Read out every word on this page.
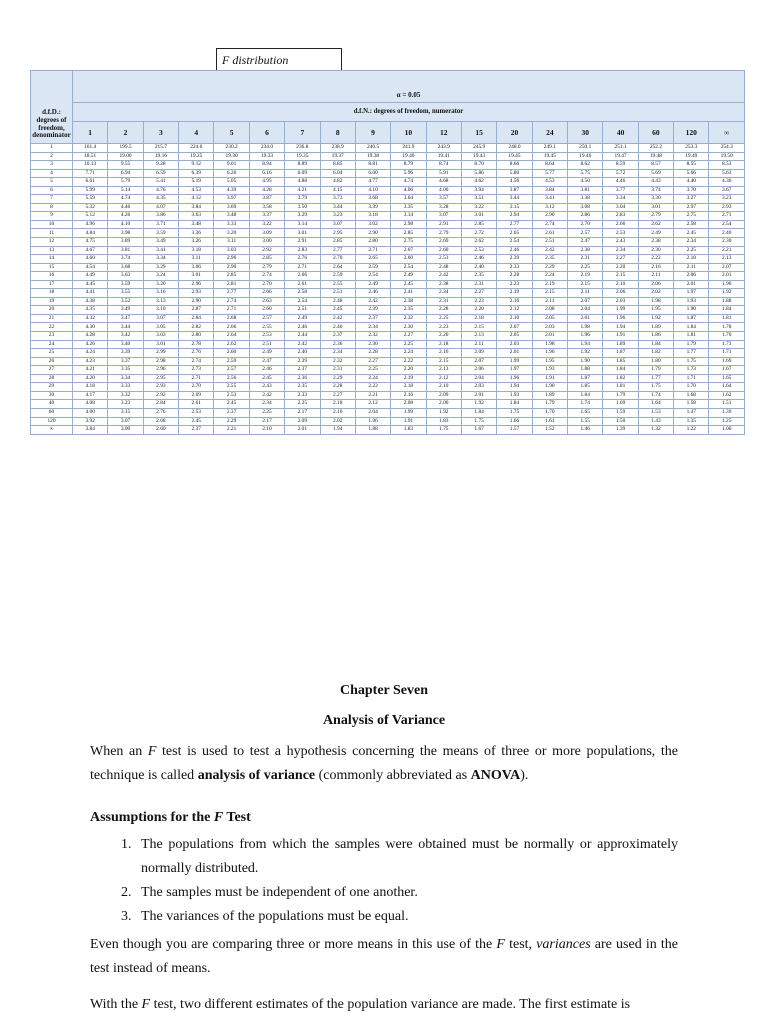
F distribution
d.f.D.: degrees of freedom, denominator	α = 0.05																		
	d.f.N.: degrees of freedom, numerator																		
	1	2	3	4	5	6	7	8	9	10	12	15	20	24	30	40	60	120	∞
1	161.4	199.5	215.7	224.6	230.2	234.0	236.8	238.9	240.5	241.9	243.9	245.9	248.0	249.1	250.1	251.1	252.2	253.3	254.3
2	18.51	19.00	19.16	19.25	19.30	19.33	19.35	19.37	19.38	19.40	19.41	19.43	19.45	19.45	19.46	19.47	19.48	19.49	19.50
3	10.13	9.55	9.28	9.12	9.01	8.94	8.89	8.85	8.81	8.79	8.74	8.70	8.66	8.64	8.62	8.59	8.57	8.55	8.53
4	7.71	6.94	6.59	6.39	6.26	6.16	6.09	6.04	6.00	5.96	5.91	5.86	5.80	5.77	5.75	5.72	5.69	5.66	5.63
5	6.61	5.79	5.41	5.19	5.05	4.95	4.88	4.82	4.77	4.74	4.68	4.62	4.56	4.53	4.50	4.46	4.43	4.40	4.36
6	5.99	5.14	4.76	4.53	4.39	4.28	4.21	4.15	4.10	4.06	4.00	3.94	3.87	3.84	3.81	3.77	3.74	3.70	3.67
7	5.59	4.74	4.35	4.12	3.97	3.87	3.79	3.73	3.68	3.64	3.57	3.51	3.44	3.41	3.38	3.34	3.30	3.27	3.23
8	5.32	4.46	4.07	3.84	3.69	3.58	3.50	3.44	3.39	3.35	3.28	3.22	3.15	3.12	3.08	3.04	3.01	2.97	2.93
9	5.12	4.26	3.86	3.63	3.48	3.37	3.29	3.23	3.18	3.14	3.07	3.01	2.94	2.90	2.86	2.83	2.79	2.75	2.71
10	4.96	4.10	3.71	3.48	3.33	3.22	3.14	3.07	3.02	2.98	2.91	2.85	2.77	2.74	2.70	2.66	2.62	2.58	2.54
11	4.84	3.98	3.59	3.36	3.20	3.09	3.01	2.95	2.90	2.85	2.79	2.72	2.65	2.61	2.57	2.53	2.49	2.45	2.40
12	4.75	3.89	3.49	3.26	3.11	3.00	2.91	2.85	2.80	2.75	2.69	2.62	2.54	2.51	2.47	2.43	2.38	2.34	2.30
13	4.67	3.81	3.41	3.18	3.03	2.92	2.83	2.77	2.71	2.67	2.60	2.53	2.46	2.42	2.38	2.34	2.30	2.25	2.21
14	4.60	3.74	3.34	3.11	2.96	2.85	2.76	2.70	2.65	2.60	2.53	2.46	2.39	2.35	2.31	2.27	2.22	2.18	2.13
15	4.54	3.68	3.29	3.06	2.90	2.79	2.71	2.64	2.59	2.54	2.48	2.40	2.33	2.29	2.25	2.20	2.16	2.11	2.07
16	4.49	3.63	3.24	3.01	2.85	2.74	2.66	2.59	2.54	2.49	2.42	2.35	2.28	2.24	2.19	2.15	2.11	2.06	2.01
17	4.45	3.59	3.20	2.96	2.81	2.70	2.61	2.55	2.49	2.45	2.38	2.31	2.23	2.19	2.15	2.10	2.06	2.01	1.96
18	4.41	3.55	3.16	2.93	2.77	2.66	2.58	2.51	2.46	2.41	2.34	2.27	2.19	2.15	2.11	2.06	2.02	1.97	1.92
19	4.38	3.52	3.13	2.90	2.74	2.63	2.54	2.48	2.42	2.38	2.31	2.23	2.16	2.11	2.07	2.03	1.98	1.93	1.88
20	4.35	3.49	3.10	2.87	2.71	2.60	2.51	2.45	2.39	2.35	2.28	2.20	2.12	2.08	2.04	1.99	1.95	1.90	1.84
21	4.32	3.47	3.07	2.84	2.68	2.57	2.49	2.42	2.37	2.32	2.25	2.18	2.10	2.05	2.01	1.96	1.92	1.87	1.81
22	4.30	3.44	3.05	2.82	2.66	2.55	2.46	2.40	2.34	2.30	2.23	2.15	2.07	2.03	1.98	1.94	1.89	1.84	1.78
23	4.28	3.42	3.03	2.80	2.64	2.53	2.44	2.37	2.32	2.27	2.20	2.13	2.05	2.01	1.96	1.91	1.86	1.81	1.76
24	4.26	3.40	3.01	2.78	2.62	2.51	2.42	2.36	2.30	2.25	2.18	2.11	2.03	1.98	1.94	1.89	1.84	1.79	1.73
25	4.24	3.39	2.99	2.76	2.60	2.49	2.40	2.34	2.28	2.24	2.16	2.09	2.01	1.96	1.92	1.87	1.82	1.77	1.71
26	4.23	3.37	2.98	2.74	2.59	2.47	2.39	2.32	2.27	2.22	2.15	2.07	1.99	1.95	1.90	1.85	1.80	1.75	1.69
27	4.21	3.35	2.96	2.73	2.57	2.46	2.37	2.31	2.25	2.20	2.13	2.06	1.97	1.93	1.88	1.84	1.79	1.73	1.67
28	4.20	3.34	2.95	2.71	2.56	2.45	2.36	2.29	2.24	2.19	2.12	2.04	1.96	1.91	1.87	1.82	1.77	1.71	1.65
29	4.18	3.33	2.93	2.70	2.55	2.43	2.35	2.28	2.22	2.18	2.10	2.03	1.94	1.90	1.85	1.81	1.75	1.70	1.64
30	4.17	3.32	2.92	2.69	2.53	2.42	2.33	2.27	2.21	2.16	2.09	2.01	1.93	1.89	1.84	1.79	1.74	1.68	1.62
40	4.08	3.23	2.84	2.61	2.45	2.34	2.25	2.18	2.12	2.08	2.00	1.92	1.84	1.79	1.74	1.69	1.64	1.58	1.51
60	4.00	3.15	2.76	2.53	2.37	2.25	2.17	2.10	2.04	1.99	1.92	1.84	1.75	1.70	1.65	1.59	1.53	1.47	1.39
120	3.92	3.07	2.68	2.45	2.29	2.17	2.09	2.02	1.96	1.91	1.83	1.75	1.66	1.61	1.55	1.50	1.43	1.35	1.25
∞	3.84	3.00	2.60	2.37	2.21	2.10	2.01	1.94	1.88	1.83	1.75	1.67	1.57	1.52	1.46	1.39	1.32	1.22	1.00
Chapter Seven
Analysis of Variance
When an F test is used to test a hypothesis concerning the means of three or more populations, the technique is called analysis of variance (commonly abbreviated as ANOVA).
Assumptions for the F Test
1. The populations from which the samples were obtained must be normally or approximately normally distributed.
2. The samples must be independent of one another.
3. The variances of the populations must be equal.
Even though you are comparing three or more means in this use of the F test, variances are used in the test instead of means.
With the F test, two different estimates of the population variance are made. The first estimate is
